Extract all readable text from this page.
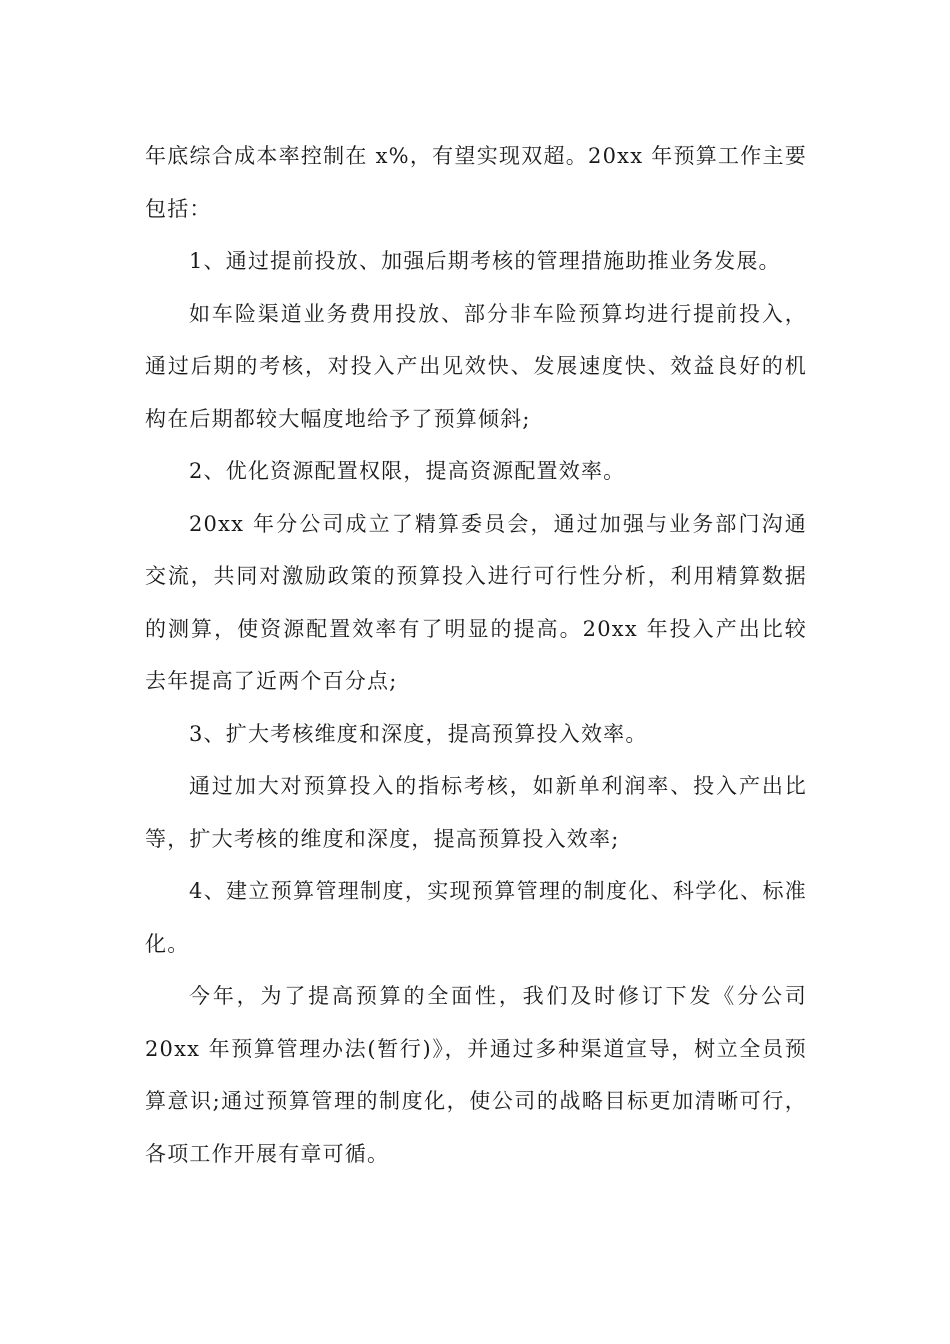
年底综合成本率控制在 x%，有望实现双超。20xx 年预算工作主要包括：

1、通过提前投放、加强后期考核的管理措施助推业务发展。

如车险渠道业务费用投放、部分非车险预算均进行提前投入，通过后期的考核，对投入产出见效快、发展速度快、效益良好的机构在后期都较大幅度地给予了预算倾斜;

2、优化资源配置权限，提高资源配置效率。

20xx 年分公司成立了精算委员会，通过加强与业务部门沟通交流，共同对激励政策的预算投入进行可行性分析，利用精算数据的测算，使资源配置效率有了明显的提高。20xx 年投入产出比较去年提高了近两个百分点;

3、扩大考核维度和深度，提高预算投入效率。

通过加大对预算投入的指标考核，如新单利润率、投入产出比等，扩大考核的维度和深度，提高预算投入效率;

4、建立预算管理制度，实现预算管理的制度化、科学化、标准化。

今年，为了提高预算的全面性，我们及时修订下发《分公司20xx 年预算管理办法(暂行)》，并通过多种渠道宣导，树立全员预算意识;通过预算管理的制度化，使公司的战略目标更加清晰可行，各项工作开展有章可循。
